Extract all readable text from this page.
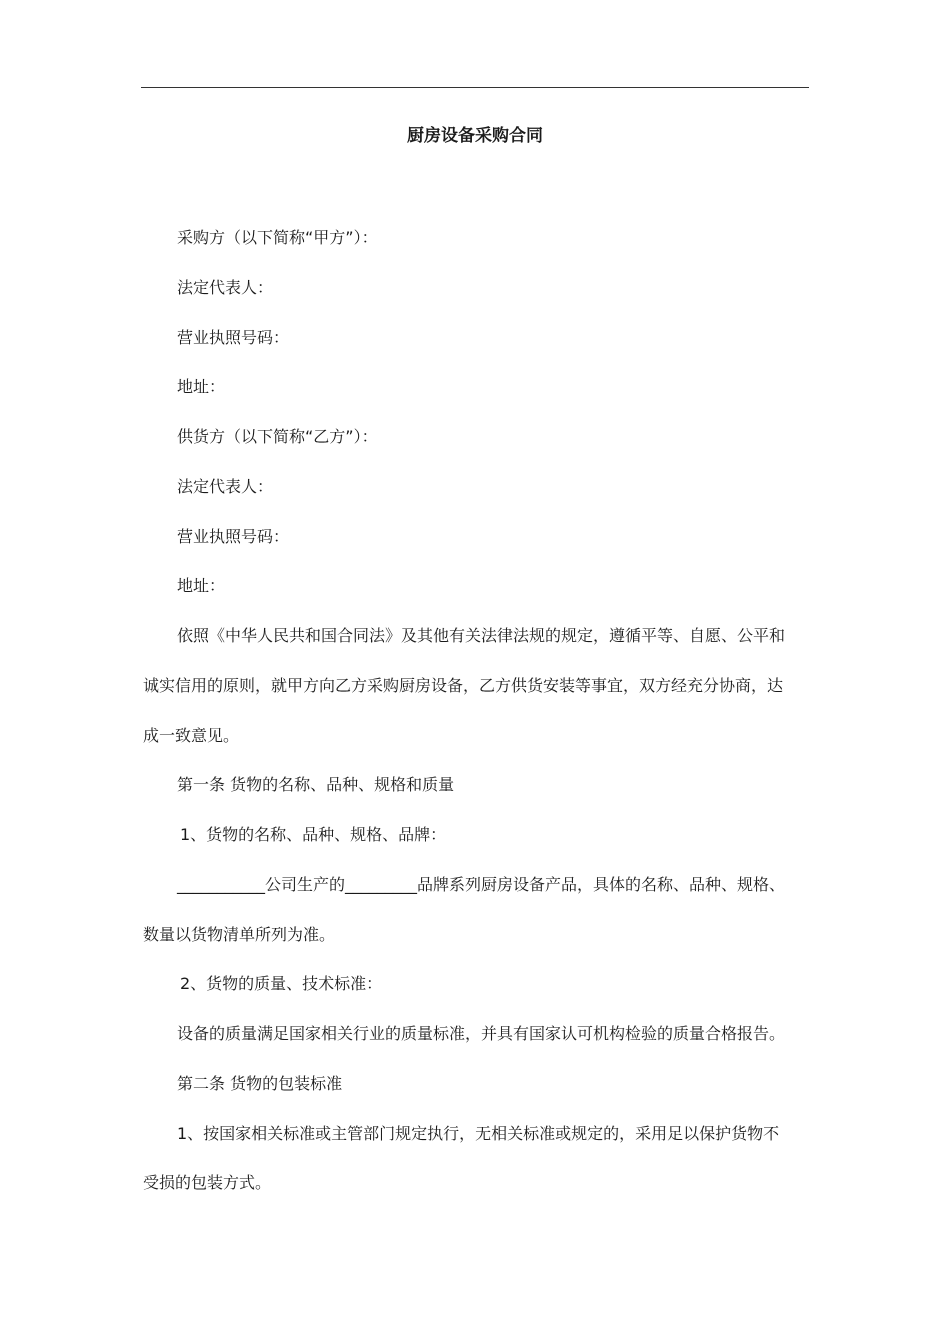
厨房设备采购合同

采购方（以下简称“甲方”）：

法定代表人：

营业执照号码：

地址：

供货方（以下简称“乙方”）：

法定代表人：

营业执照号码：

地址：

依照《中华人民共和国合同法》及其他有关法律法规的规定，遵循平等、自愿、公平和

诚实信用的原则，就甲方向乙方采购厨房设备，乙方供货安装等事宜，双方经充分协商，达

成一致意见。

第一条 货物的名称、品种、规格和质量

1、货物的名称、品种、规格、品牌：

___________公司生产的_________品牌系列厨房设备产品，具体的名称、品种、规格、

数量以货物清单所列为准。

2、货物的质量、技术标准：

设备的质量满足国家相关行业的质量标准，并具有国家认可机构检验的质量合格报告。

第二条 货物的包装标准

1、按国家相关标准或主管部门规定执行，无相关标准或规定的，采用足以保护货物不

受损的包装方式。
